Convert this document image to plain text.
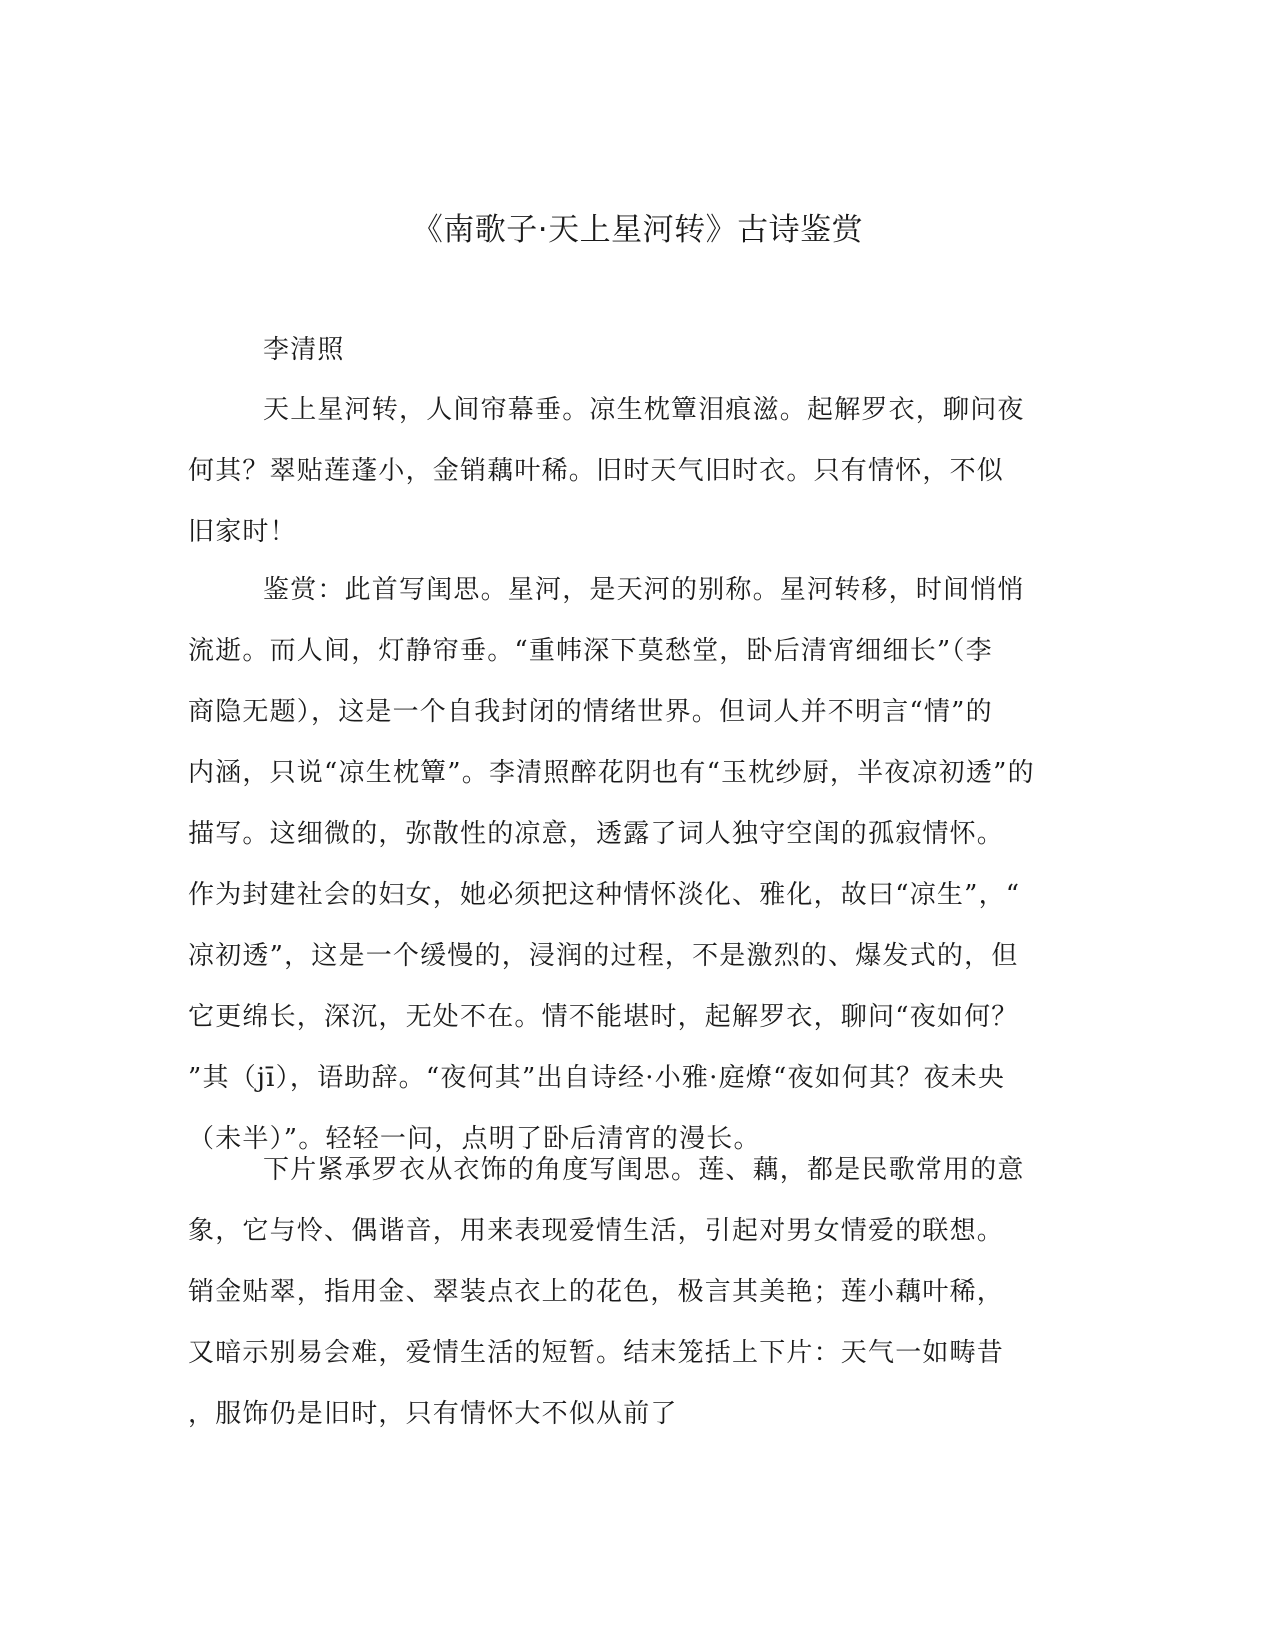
《南歌子·天上星河转》古诗鉴赏
李清照
天上星河转，人间帘幕垂。凉生枕簟泪痕滋。起解罗衣，聊问夜
何其？翠贴莲蓬小，金销藕叶稀。旧时天气旧时衣。只有情怀，不似
旧家时！
鉴赏：此首写闺思。星河，是天河的别称。星河转移，时间悄悄
流逝。而人间，灯静帘垂。“重帏深下莫愁堂，卧后清宵细细长”（李
商隐无题），这是一个自我封闭的情绪世界。但词人并不明言“情”的
内涵，只说“凉生枕簟”。李清照醉花阴也有“玉枕纱厨，半夜凉初透”的
描写。这细微的，弥散性的凉意，透露了词人独守空闺的孤寂情怀。
作为封建社会的妇女，她必须把这种情怀淡化、雅化，故曰“凉生”，“
凉初透”，这是一个缓慢的，浸润的过程，不是激烈的、爆发式的，但
它更绵长，深沉，无处不在。情不能堪时，起解罗衣，聊问“夜如何？
”其（jī），语助辞。“夜何其”出自诗经·小雅·庭燎“夜如何其？夜未央
（未半）”。轻轻一问，点明了卧后清宵的漫长。
下片紧承罗衣从衣饰的角度写闺思。莲、藕，都是民歌常用的意
象，它与怜、偶谐音，用来表现爱情生活，引起对男女情爱的联想。
销金贴翠，指用金、翠装点衣上的花色，极言其美艳；莲小藕叶稀，
又暗示别易会难，爱情生活的短暂。结末笼括上下片：天气一如畴昔
，服饰仍是旧时，只有情怀大不似从前了
